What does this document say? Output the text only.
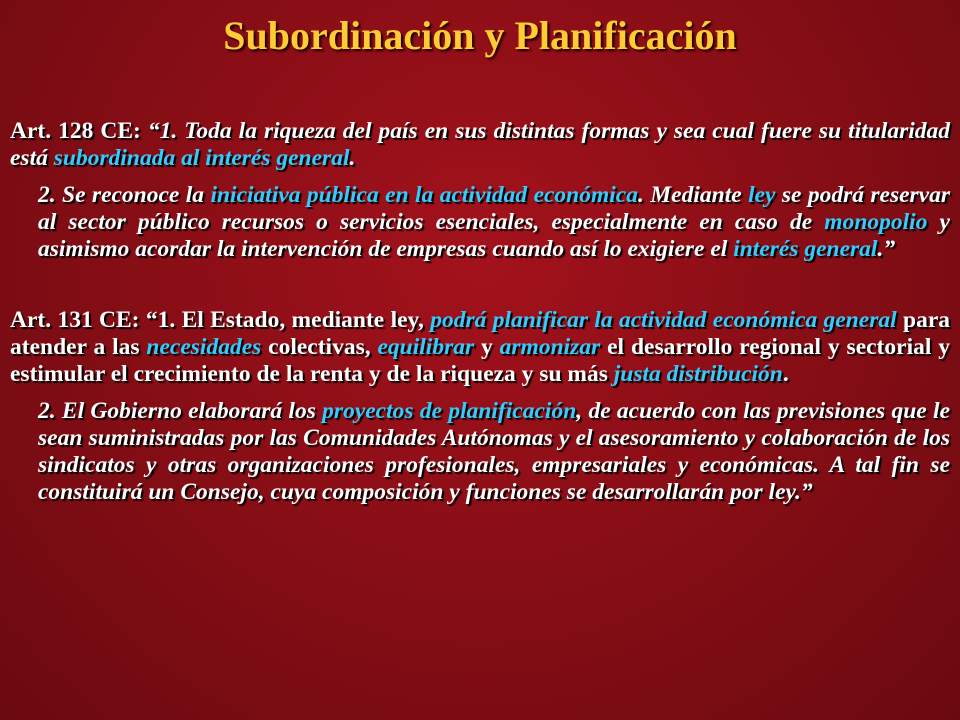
Subordinación y Planificación

Art. 128 CE: “1. Toda la riqueza del país en sus distintas formas y sea cual fuere su titularidad está subordinada al interés general.

2. Se reconoce la iniciativa pública en la actividad económica. Mediante ley se podrá reservar al sector público recursos o servicios esenciales, especialmente en caso de monopolio y asimismo acordar la intervención de empresas cuando así lo exigiere el interés general.”

Art. 131 CE: “1. El Estado, mediante ley, podrá planificar la actividad económica general para atender a las necesidades colectivas, equilibrar y armonizar el desarrollo regional y sectorial y estimular el crecimiento de la renta y de la riqueza y su más justa distribución.

2. El Gobierno elaborará los proyectos de planificación, de acuerdo con las previsiones que le sean suministradas por las Comunidades Autónomas y el asesoramiento y colaboración de los sindicatos y otras organizaciones profesionales, empresariales y económicas. A tal fin se constituirá un Consejo, cuya composición y funciones se desarrollarán por ley.”
